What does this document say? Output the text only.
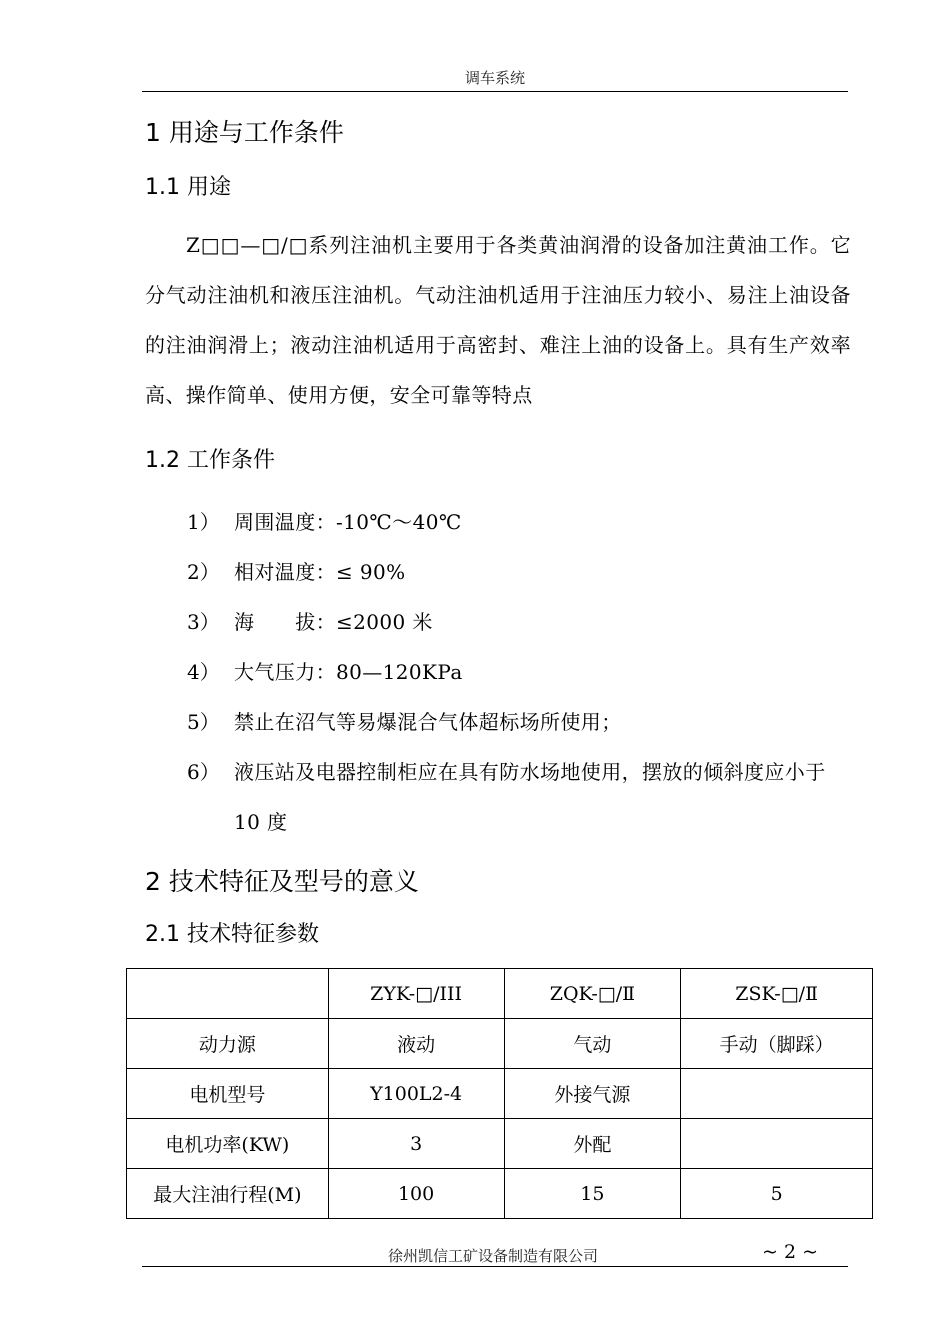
调车系统
1 用途与工作条件
1.1 用途
Z□□—□/□系列注油机主要用于各类黄油润滑的设备加注黄油工作。它分气动注油机和液压注油机。气动注油机适用于注油压力较小、易注上油设备的注油润滑上；液动注油机适用于高密封、难注上油的设备上。具有生产效率高、操作简单、使用方便，安全可靠等特点
1.2 工作条件
1） 周围温度：-10℃～40℃
2） 相对温度：≤ 90%
3） 海　　拔：≤2000 米
4） 大气压力：80—120KPa
5） 禁止在沼气等易爆混合气体超标场所使用；
6） 液压站及电器控制柜应在具有防水场地使用，摆放的倾斜度应小于 10 度
2 技术特征及型号的意义
2.1 技术特征参数
	ZYK-□/III	ZQK-□/Ⅱ	ZSK-□/Ⅱ
动力源	液动	气动	手动（脚踩）
电机型号	Y100L2-4	外接气源	
电机功率(KW)	3	外配	
最大注油行程(M)	100	15	5
徐州凯信工矿设备制造有限公司	~ 2 ~
